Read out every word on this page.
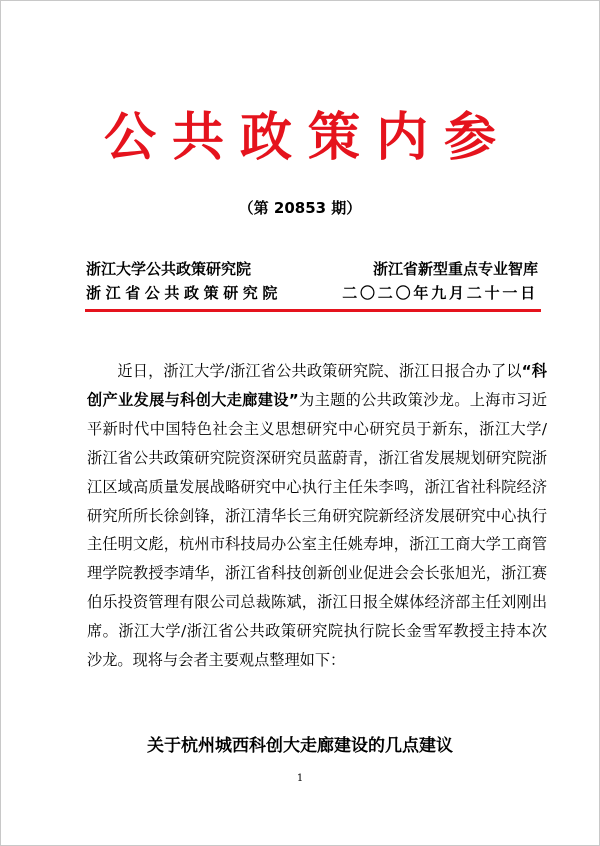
公共政策内参
（第 20853 期）
浙江大学公共政策研究院	浙江省新型重点专业智库
浙江省公共政策研究院	二〇二〇年九月二十一日

近日，浙江大学/浙江省公共政策研究院、浙江日报合办了以“科创产业发展与科创大走廊建设”为主题的公共政策沙龙。上海市习近平新时代中国特色社会主义思想研究中心研究员于新东，浙江大学/浙江省公共政策研究院资深研究员蓝蔚青，浙江省发展规划研究院浙江区域高质量发展战略研究中心执行主任朱李鸣，浙江省社科院经济研究所所长徐剑锋，浙江清华长三角研究院新经济发展研究中心执行主任明文彪，杭州市科技局办公室主任姚寿坤，浙江工商大学工商管理学院教授李靖华，浙江省科技创新创业促进会会长张旭光，浙江赛伯乐投资管理有限公司总裁陈斌，浙江日报全媒体经济部主任刘刚出席。浙江大学/浙江省公共政策研究院执行院长金雪军教授主持本次沙龙。现将与会者主要观点整理如下：

关于杭州城西科创大走廊建设的几点建议
1
